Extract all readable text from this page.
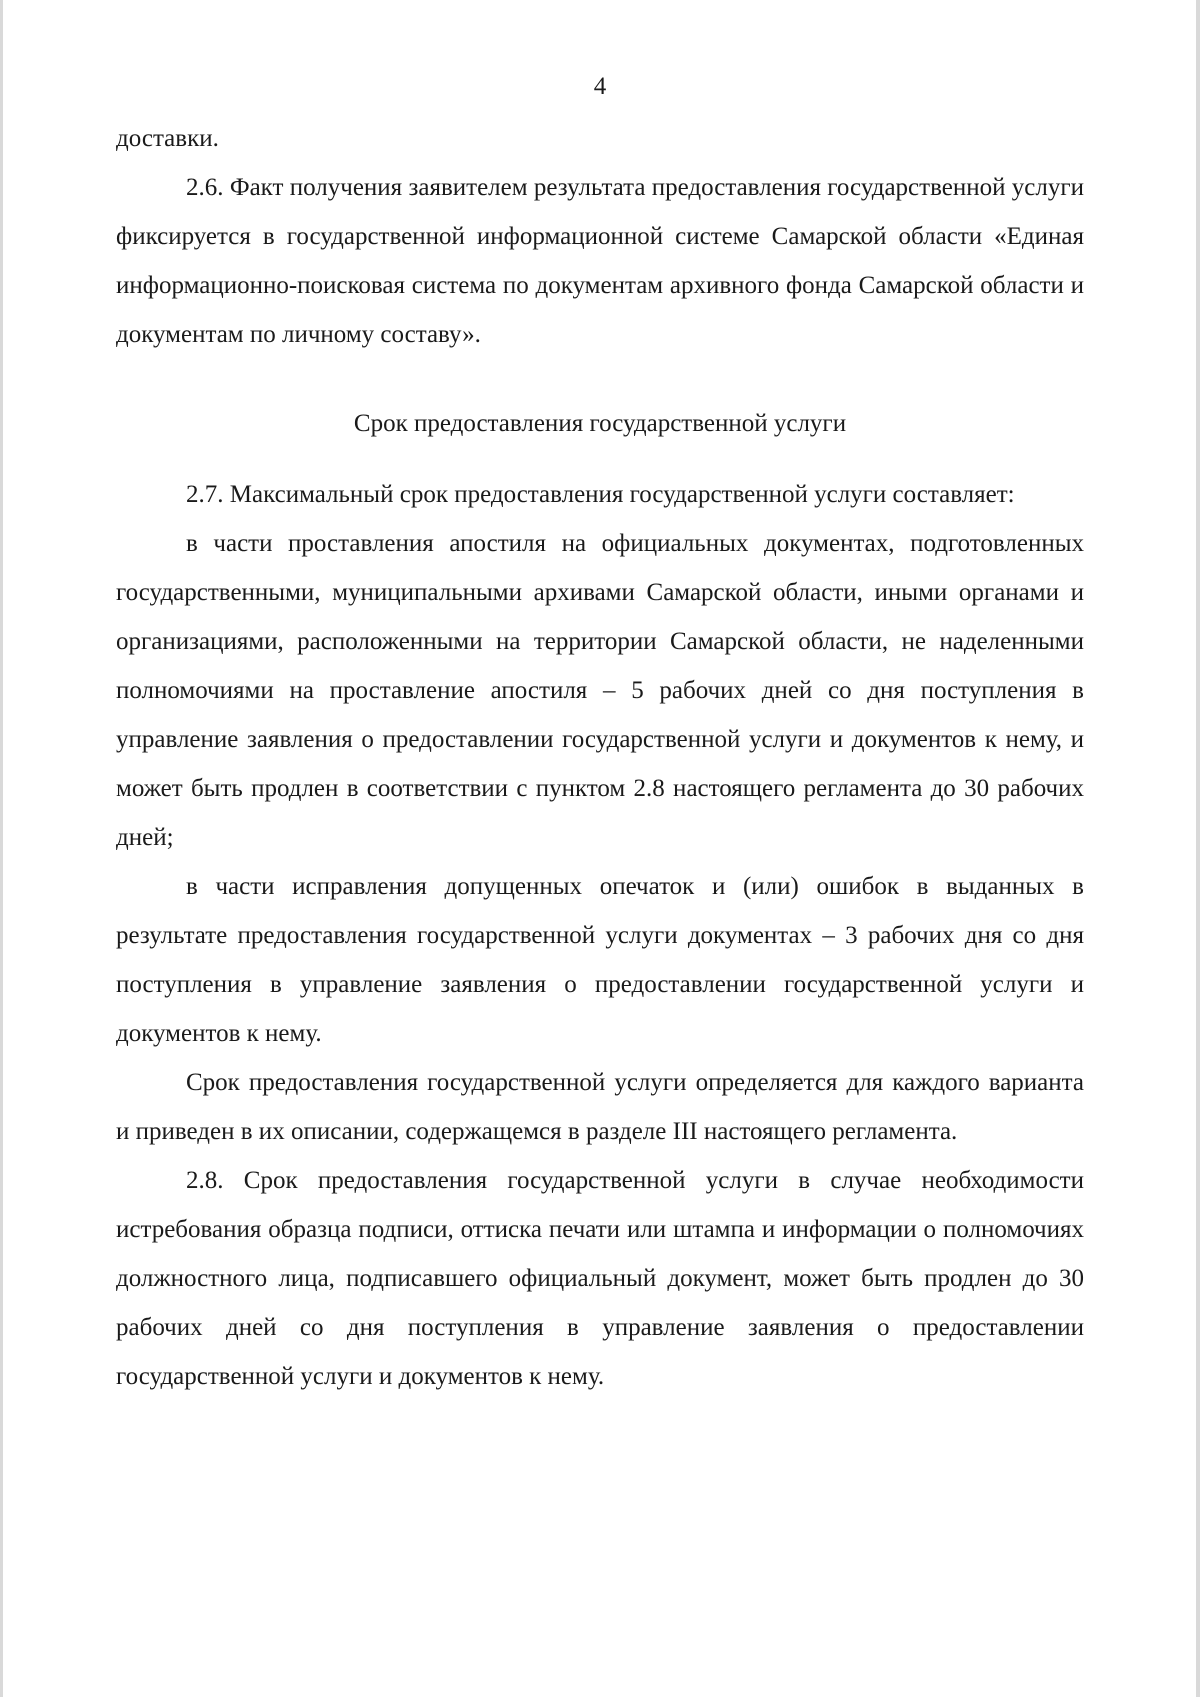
4

доставки.

2.6. Факт получения заявителем результата предоставления государственной услуги фиксируется в государственной информационной системе Самарской области «Единая информационно-поисковая система по документам архивного фонда Самарской области и документам по личному составу».

Срок предоставления государственной услуги

2.7. Максимальный срок предоставления государственной услуги составляет:

в части проставления апостиля на официальных документах, подготовленных государственными, муниципальными архивами Самарской области, иными органами и организациями, расположенными на территории Самарской области, не наделенными полномочиями на проставление апостиля – 5 рабочих дней со дня поступления в управление заявления о предоставлении государственной услуги и документов к нему, и может быть продлен в соответствии с пунктом 2.8 настоящего регламента до 30 рабочих дней;

в части исправления допущенных опечаток и (или) ошибок в выданных в результате предоставления государственной услуги документах – 3 рабочих дня со дня поступления в управление заявления о предоставлении государственной услуги и документов к нему.

Срок предоставления государственной услуги определяется для каждого варианта и приведен в их описании, содержащемся в разделе III настоящего регламента.

2.8. Срок предоставления государственной услуги в случае необходимости истребования образца подписи, оттиска печати или штампа и информации о полномочиях должностного лица, подписавшего официальный документ, может быть продлен до 30 рабочих дней со дня поступления в управление заявления о предоставлении государственной услуги и документов к нему.
